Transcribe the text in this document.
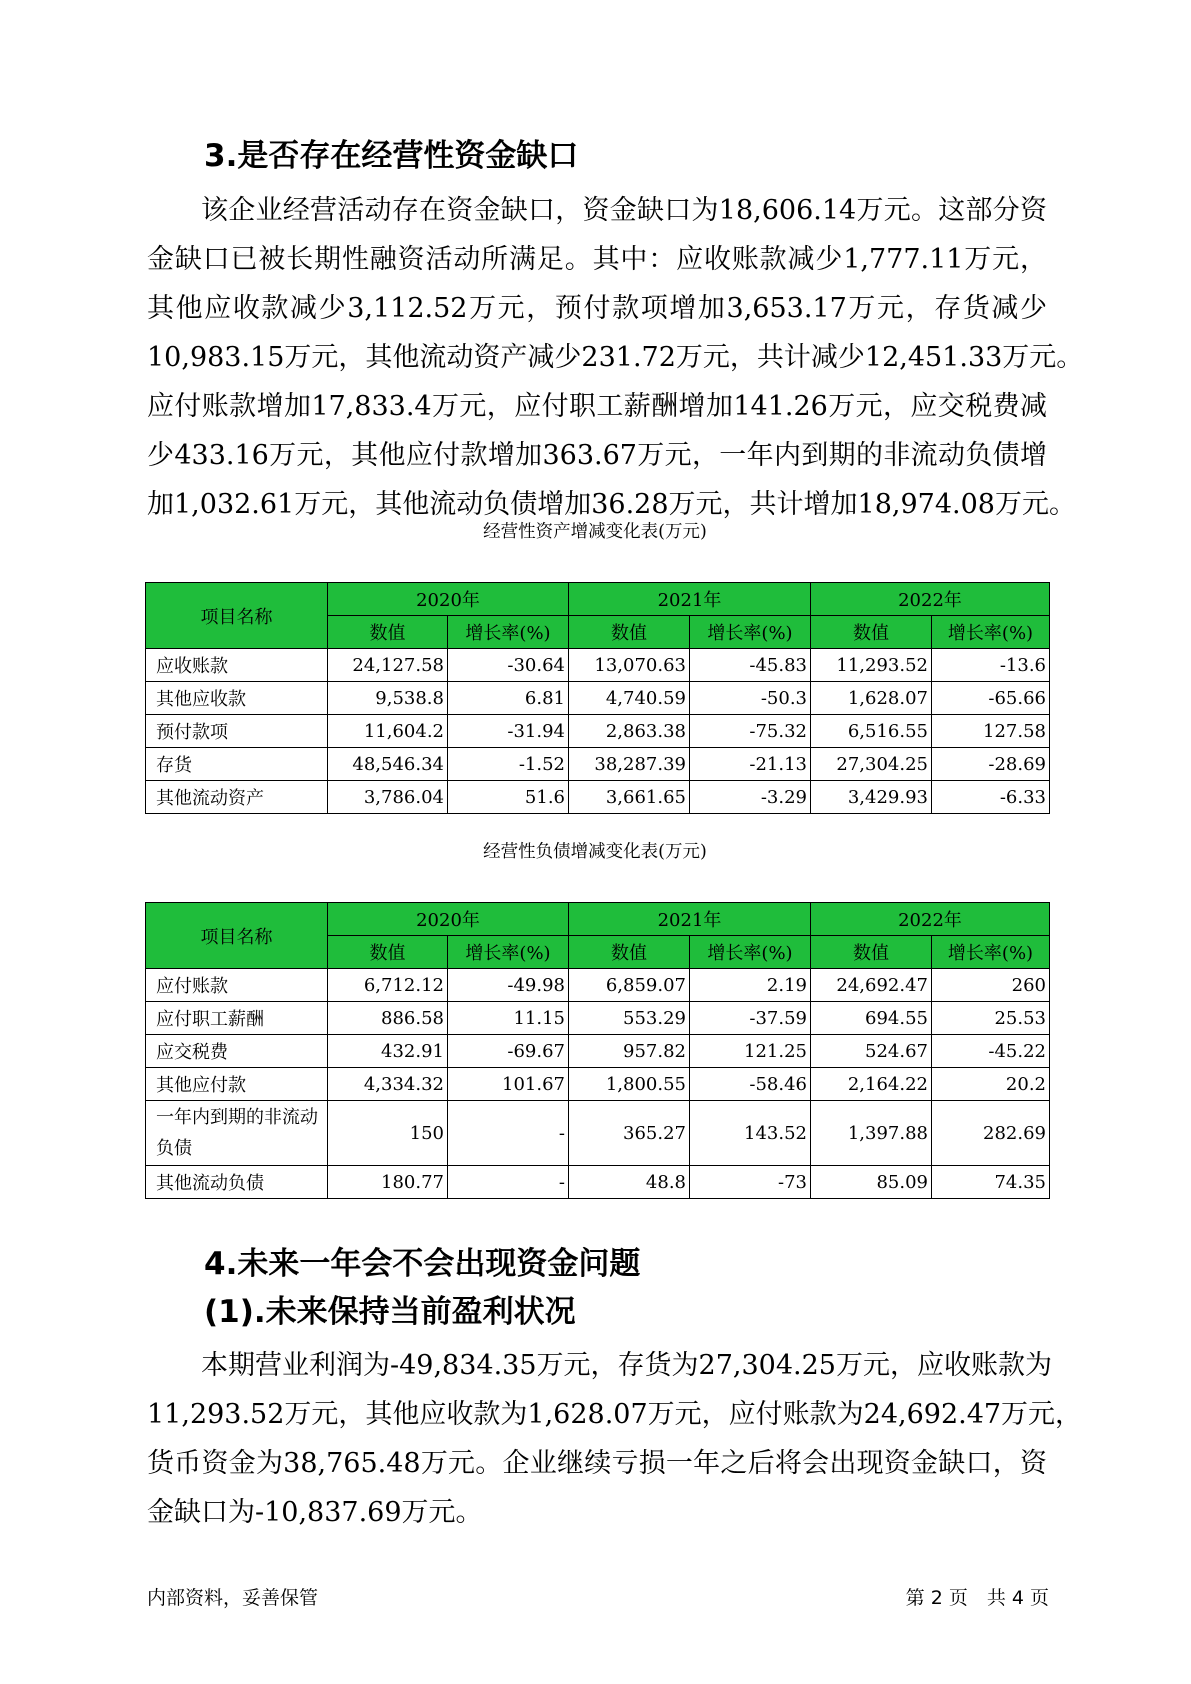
3.是否存在经营性资金缺口
该企业经营活动存在资金缺口，资金缺口为18,606.14万元。这部分资
金缺口已被长期性融资活动所满足。其中：应收账款减少1,777.11万元，
其他应收款减少3,112.52万元，预付款项增加3,653.17万元，存货减少
10,983.15万元，其他流动资产减少231.72万元，共计减少12,451.33万元。
应付账款增加17,833.4万元，应付职工薪酬增加141.26万元，应交税费减
少433.16万元，其他应付款增加363.67万元，一年内到期的非流动负债增
加1,032.61万元，其他流动负债增加36.28万元，共计增加18,974.08万元。

经营性资产增减变化表(万元)

项目名称	2020年		2021年		2022年	
	数值	增长率(%)	数值	增长率(%)	数值	增长率(%)
应收账款	24,127.58	-30.64	13,070.63	-45.83	11,293.52	-13.6
其他应收款	9,538.8	6.81	4,740.59	-50.3	1,628.07	-65.66
预付款项	11,604.2	-31.94	2,863.38	-75.32	6,516.55	127.58
存货	48,546.34	-1.52	38,287.39	-21.13	27,304.25	-28.69
其他流动资产	3,786.04	51.6	3,661.65	-3.29	3,429.93	-6.33

经营性负债增减变化表(万元)

项目名称	2020年		2021年		2022年	
	数值	增长率(%)	数值	增长率(%)	数值	增长率(%)
应付账款	6,712.12	-49.98	6,859.07	2.19	24,692.47	260
应付职工薪酬	886.58	11.15	553.29	-37.59	694.55	25.53
应交税费	432.91	-69.67	957.82	121.25	524.67	-45.22
其他应付款	4,334.32	101.67	1,800.55	-58.46	2,164.22	20.2
一年内到期的非流动负债	150	-	365.27	143.52	1,397.88	282.69
其他流动负债	180.77	-	48.8	-73	85.09	74.35
4.未来一年会不会出现资金问题
(1).未来保持当前盈利状况
本期营业利润为-49,834.35万元，存货为27,304.25万元，应收账款为
11,293.52万元，其他应收款为1,628.07万元，应付账款为24,692.47万元，
货币资金为38,765.48万元。企业继续亏损一年之后将会出现资金缺口，资
金缺口为-10,837.69万元。
内部资料，妥善保管	第 2 页　共 4 页
